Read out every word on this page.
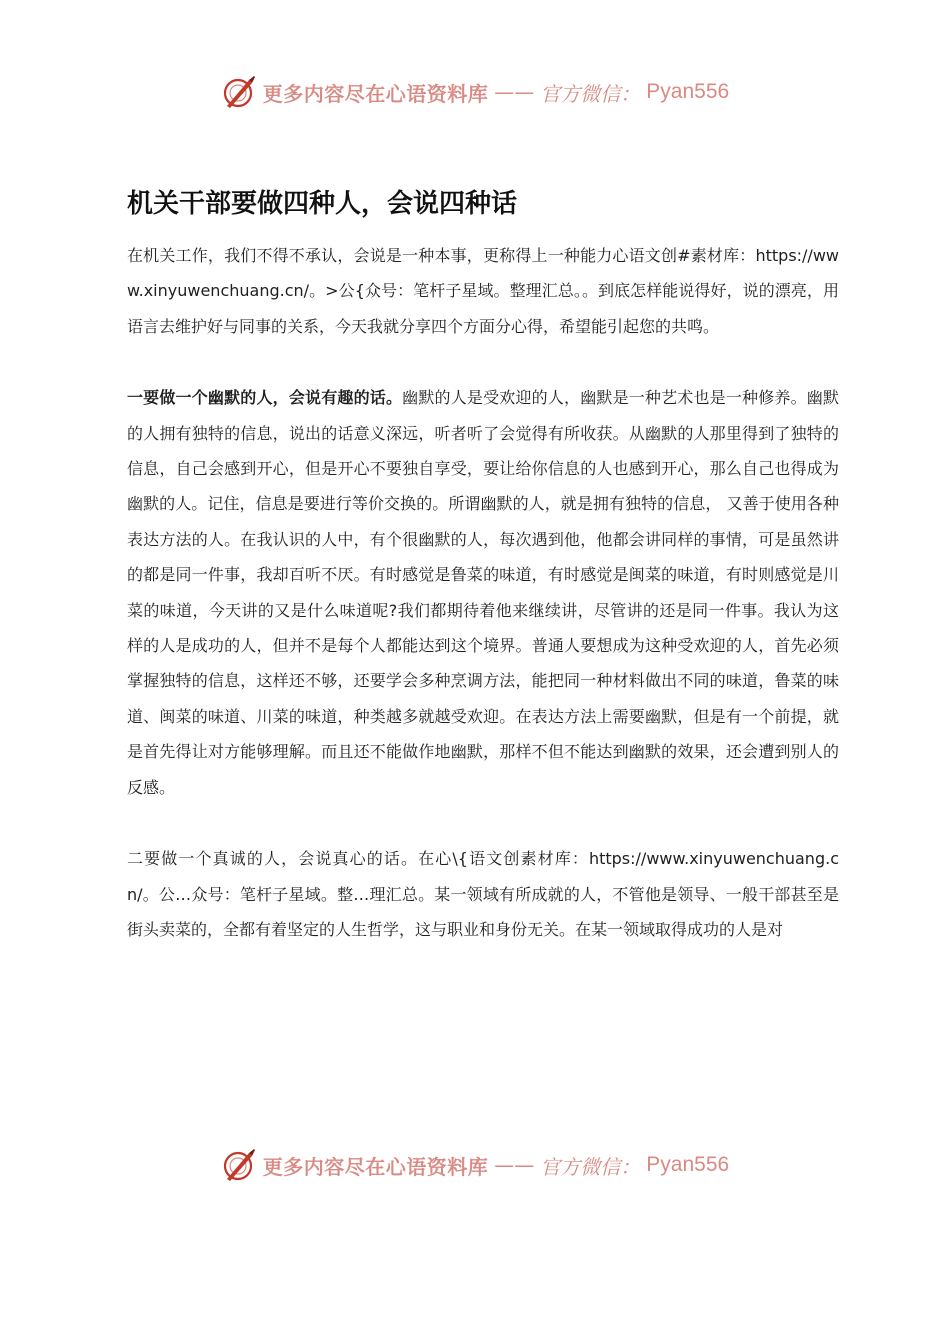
更多内容尽在心语资料库 —— 官方微信： Pyan556
机关干部要做四种人，会说四种话

在机关工作，我们不得不承认，会说是一种本事，更称得上一种能力心语文创#素材库：https://www.xinyuwenchuang.cn/。>公{众号：笔杆子星域。整理汇总。。到底怎样能说得好，说的漂亮，用语言去维护好与同事的关系，今天我就分享四个方面分心得，希望能引起您的共鸣。

一要做一个幽默的人，会说有趣的话。幽默的人是受欢迎的人，幽默是一种艺术也是一种修养。幽默的人拥有独特的信息，说出的话意义深远，听者听了会觉得有所收获。从幽默的人那里得到了独特的信息，自己会感到开心，但是开心不要独自享受，要让给你信息的人也感到开心，那么自己也得成为幽默的人。记住，信息是要进行等价交换的。所谓幽默的人，就是拥有独特的信息， 又善于使用各种表达方法的人。在我认识的人中，有个很幽默的人，每次遇到他，他都会讲同样的事情，可是虽然讲的都是同一件事，我却百听不厌。有时感觉是鲁菜的味道，有时感觉是闽菜的味道，有时则感觉是川菜的味道，今天讲的又是什么味道呢?我们都期待着他来继续讲，尽管讲的还是同一件事。我认为这样的人是成功的人，但并不是每个人都能达到这个境界。普通人要想成为这种受欢迎的人，首先必须掌握独特的信息，这样还不够，还要学会多种烹调方法，能把同一种材料做出不同的味道，鲁菜的味道、闽菜的味道、川菜的味道，种类越多就越受欢迎。在表达方法上需要幽默，但是有一个前提，就是首先得让对方能够理解。而且还不能做作地幽默，那样不但不能达到幽默的效果，还会遭到别人的反感。

二要做一个真诚的人，会说真心的话。在心\{语文创素材库：https://www.xinyuwenchuang.cn/。公…众号：笔杆子星域。整…理汇总。某一领域有所成就的人，不管他是领导、一般干部甚至是街头卖菜的，全都有着坚定的人生哲学，这与职业和身份无关。在某一领域取得成功的人是对

更多内容尽在心语资料库 —— 官方微信： Pyan556
